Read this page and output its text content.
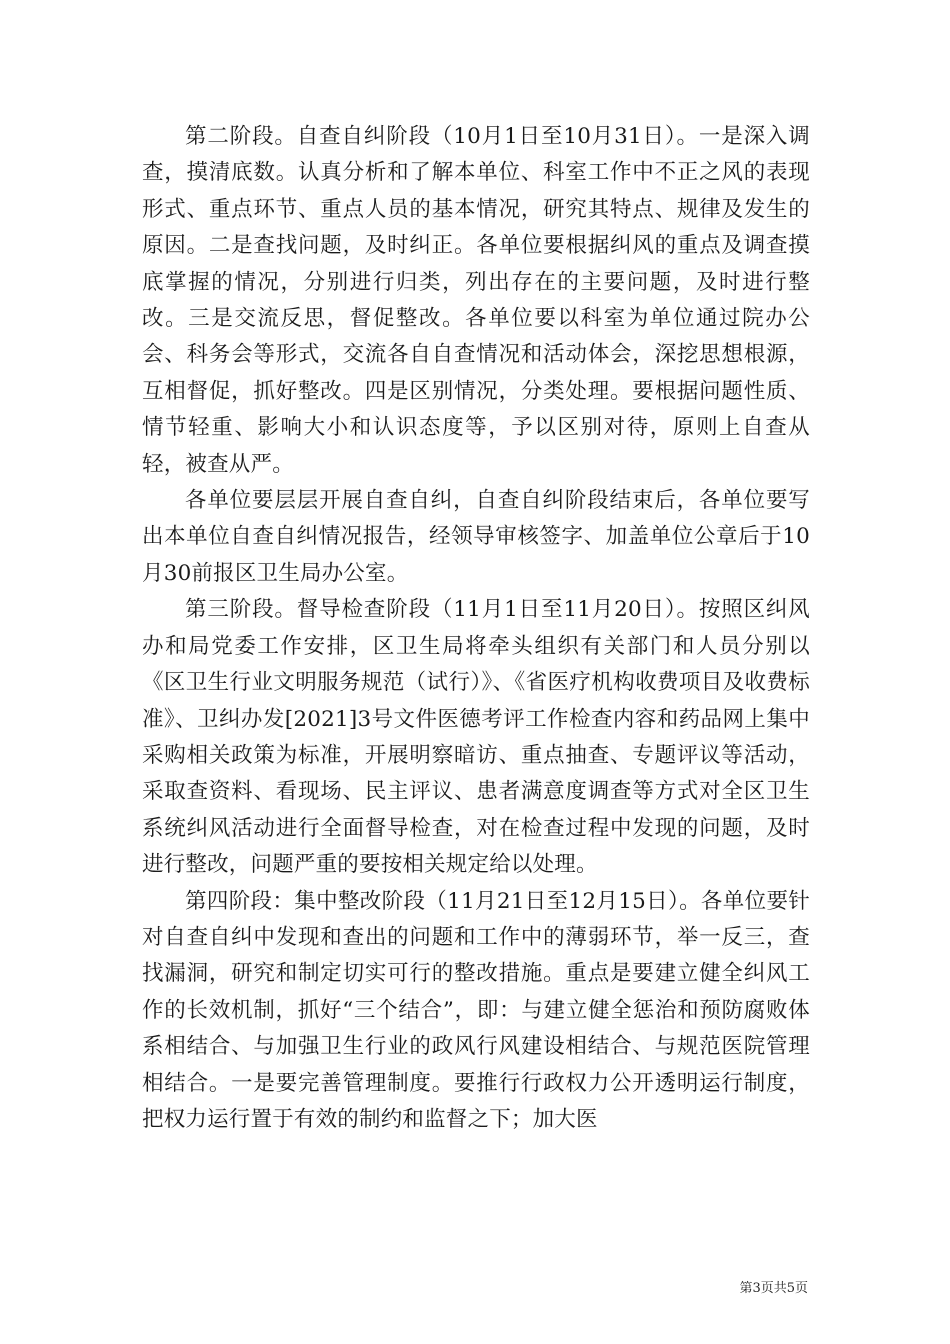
第二阶段。自查自纠阶段（10月1日至10月31日）。一是深入调查，摸清底数。认真分析和了解本单位、科室工作中不正之风的表现形式、重点环节、重点人员的基本情况，研究其特点、规律及发生的原因。二是查找问题，及时纠正。各单位要根据纠风的重点及调查摸底掌握的情况，分别进行归类，列出存在的主要问题，及时进行整改。三是交流反思，督促整改。各单位要以科室为单位通过院办公会、科务会等形式，交流各自自查情况和活动体会，深挖思想根源，互相督促，抓好整改。四是区别情况，分类处理。要根据问题性质、情节轻重、影响大小和认识态度等，予以区别对待，原则上自查从轻，被查从严。

各单位要层层开展自查自纠，自查自纠阶段结束后，各单位要写出本单位自查自纠情况报告，经领导审核签字、加盖单位公章后于10月30前报区卫生局办公室。

第三阶段。督导检查阶段（11月1日至11月20日）。按照区纠风办和局党委工作安排，区卫生局将牵头组织有关部门和人员分别以《区卫生行业文明服务规范（试行）》、《省医疗机构收费项目及收费标准》、卫纠办发[2021]3号文件医德考评工作检查内容和药品网上集中采购相关政策为标准，开展明察暗访、重点抽查、专题评议等活动，采取查资料、看现场、民主评议、患者满意度调查等方式对全区卫生系统纠风活动进行全面督导检查，对在检查过程中发现的问题，及时进行整改，问题严重的要按相关规定给以处理。

第四阶段：集中整改阶段（11月21日至12月15日）。各单位要针对自查自纠中发现和查出的问题和工作中的薄弱环节，举一反三，查找漏洞，研究和制定切实可行的整改措施。重点是要建立健全纠风工作的长效机制，抓好“三个结合”，即：与建立健全惩治和预防腐败体系相结合、与加强卫生行业的政风行风建设相结合、与规范医院管理相结合。一是要完善管理制度。要推行行政权力公开透明运行制度，把权力运行置于有效的制约和监督之下；加大医

第3页共5页
